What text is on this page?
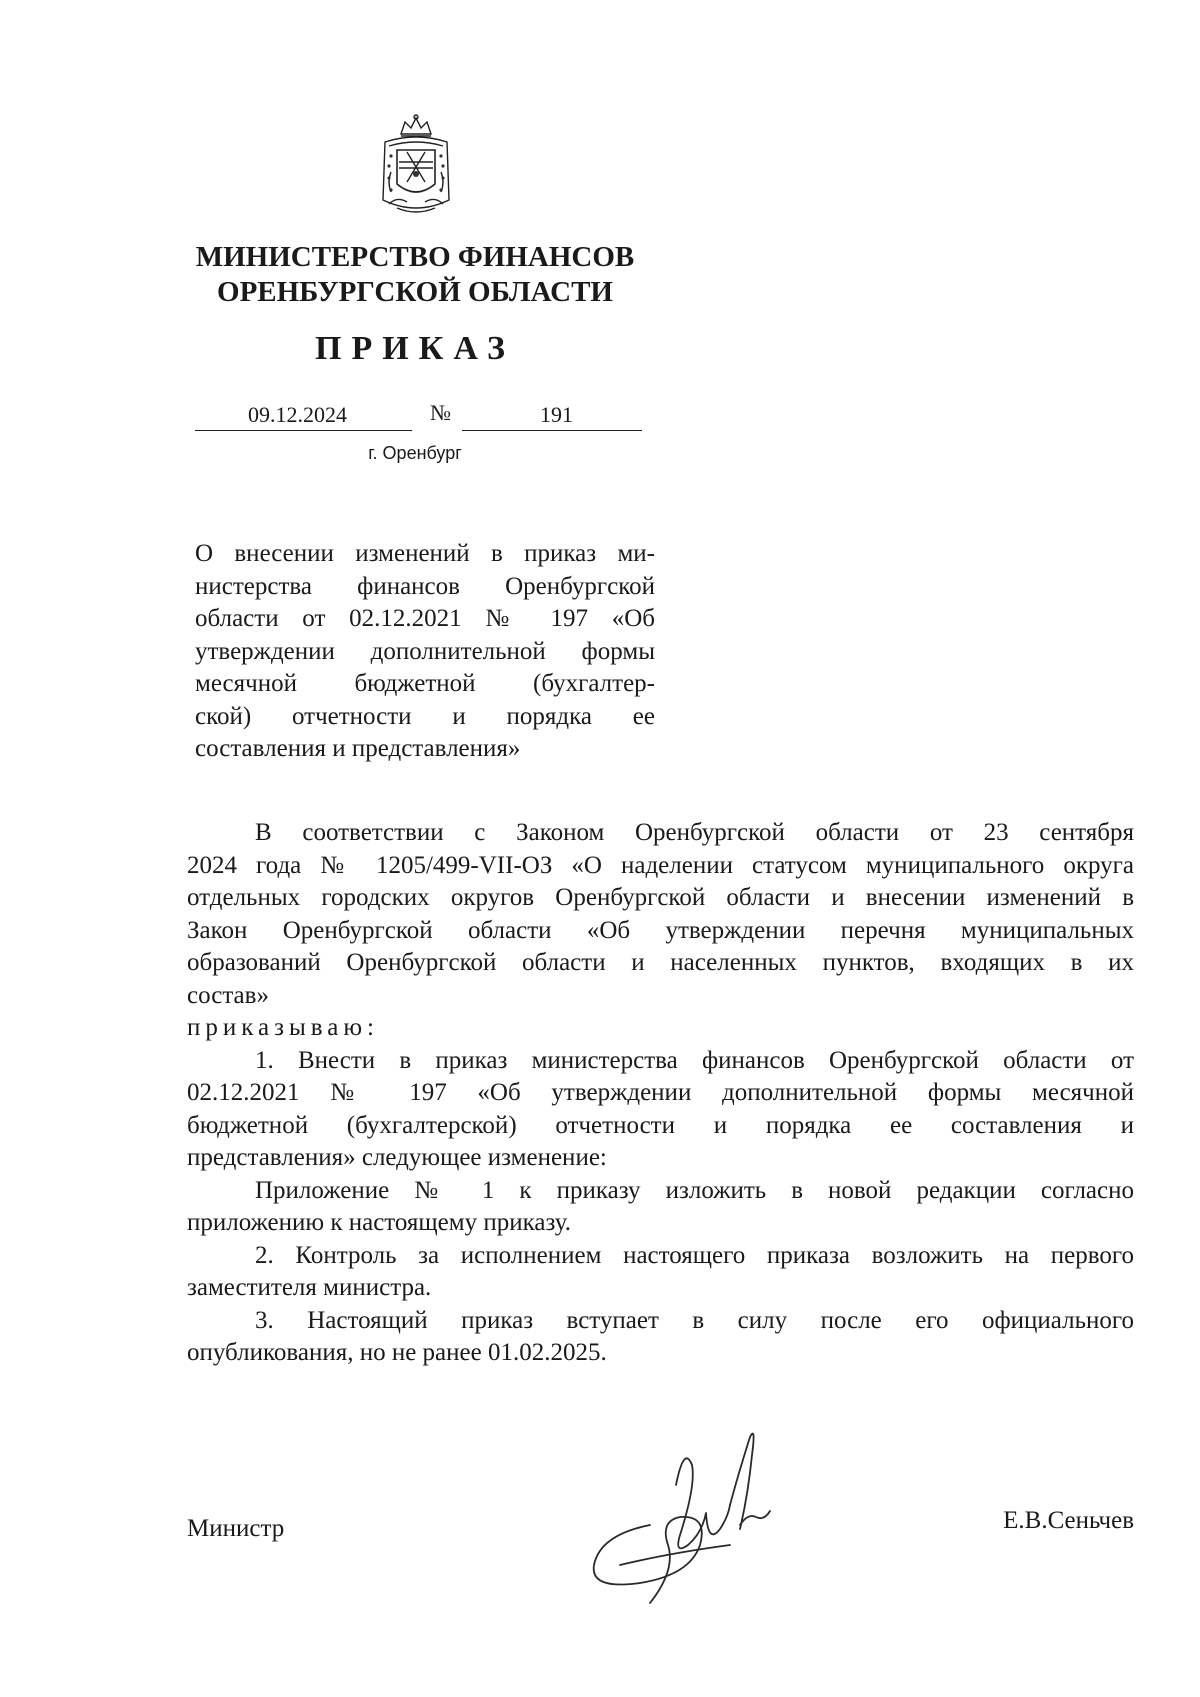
МИНИСТЕРСТВО ФИНАНСОВ
ОРЕНБУРГСКОЙ ОБЛАСТИ
ПРИКАЗ
09.12.2024	№	191
г. Оренбург
О внесении изменений в приказ ми-
нистерства финансов Оренбургской
области от 02.12.2021 № 197 «Об
утверждении дополнительной формы
месячной бюджетной (бухгалтер-
ской) отчетности и порядка ее
составления и представления»
В соответствии с Законом Оренбургской области от 23 сентября
2024 года № 1205/499-VII-ОЗ «О наделении статусом муниципального округа
отдельных городских округов Оренбургской области и внесении изменений в
Закон Оренбургской области «Об утверждении перечня муниципальных
образований Оренбургской области и населенных пунктов, входящих в их
состав»
приказываю:
1. Внести в приказ министерства финансов Оренбургской области от
02.12.2021 № 197 «Об утверждении дополнительной формы месячной
бюджетной (бухгалтерской) отчетности и порядка ее составления и
представления» следующее изменение:
Приложение № 1 к приказу изложить в новой редакции согласно
приложению к настоящему приказу.
2. Контроль за исполнением настоящего приказа возложить на первого
заместителя министра.
3. Настоящий приказ вступает в силу после его официального
опубликования, но не ранее 01.02.2025.
Министр	Е.В.Сеньчев
